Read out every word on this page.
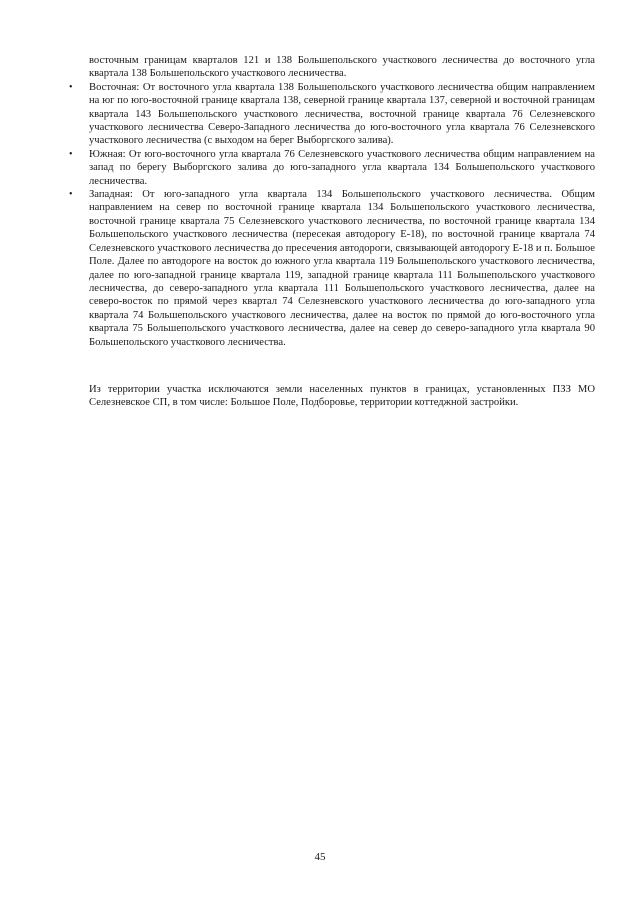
восточным границам кварталов 121 и 138 Большепольского участкового лесничества до восточного угла квартала 138 Большепольского участкового лесничества.

• Восточная: От восточного угла квартала 138 Большепольского участкового лесничества общим направлением на юг по юго-восточной границе квартала 138, северной границе квартала 137, северной и восточной границам квартала 143 Большепольского участкового лесничества, восточной границе квартала 76 Селезневского участкового лесничества Северо-Западного лесничества до юго-восточного угла квартала 76 Селезневского участкового лесничества (с выходом на берег Выборгского залива).
• Южная: От юго-восточного угла квартала 76 Селезневского участкового лесничества общим направлением на запад по берегу Выборгского залива до юго-западного угла квартала 134 Большепольского участкового лесничества.
• Западная: От юго-западного угла квартала 134 Большепольского участкового лесничества. Общим направлением на север по восточной границе квартала 134 Большепольского участкового лесничества, восточной границе квартала 75 Селезневского участкового лесничества, по восточной границе квартала 134 Большепольского участкового лесничества (пересекая автодорогу Е-18), по восточной границе квартала 74 Селезневского участкового лесничества до пресечения автодороги, связывающей автодорогу Е-18 и п. Большое Поле. Далее по автодороге на восток до южного угла квартала 119 Большепольского участкового лесничества, далее по юго-западной границе квартала 119, западной границе квартала 111 Большепольского участкового лесничества, до северо-западного угла квартала 111 Большепольского участкового лесничества, далее на северо-восток по прямой через квартал 74 Селезневского участкового лесничества до юго-западного угла квартала 74 Большепольского участкового лесничества, далее на восток по прямой до юго-восточного угла квартала 75 Большепольского участкового лесничества, далее на север до северо-западного угла квартала 90 Большепольского участкового лесничества.

Из территории участка исключаются земли населенных пунктов в границах, установленных ПЗЗ МО Селезневское СП, в том числе: Большое Поле, Подборовье, территории коттеджной застройки.

45
